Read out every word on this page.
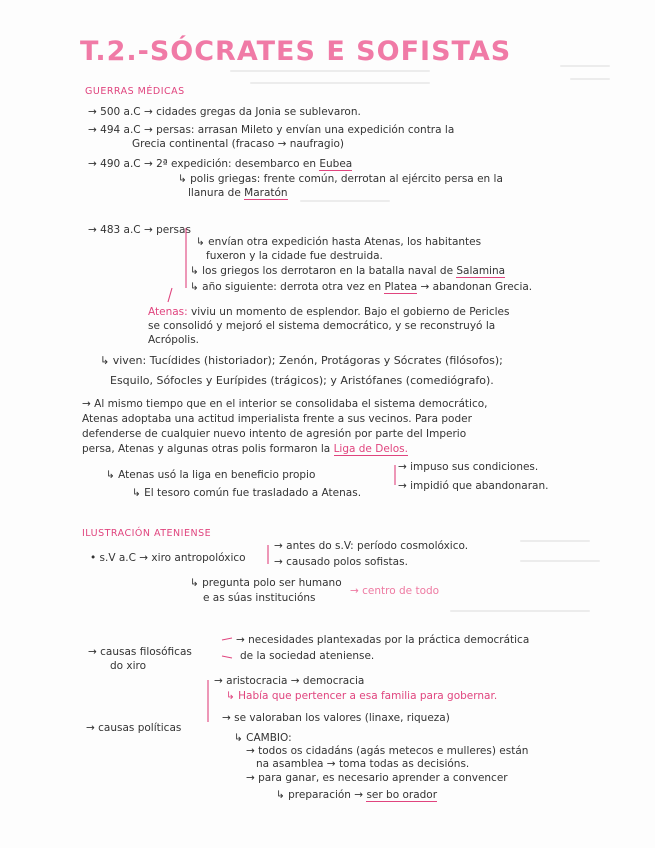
T.2.-SÓCRATES E SOFISTAS
GUERRAS MÉDICAS
→ 500 a.C → cidades gregas da Jonia se sublevaron.
→ 494 a.C → persas: arrasan Mileto y envían una expedición contra la
Grecia continental (fracaso → naufragio)
→ 490 a.C → 2ª expedición: desembarco en Eubea
↳ polis griegas: frente común, derrotan al ejército persa en la
llanura de Maratón
→ 483 a.C → persas
↳ envían otra expedición hasta Atenas, los habitantes
fuxeron y la cidade fue destruida.
↳ los griegos los derrotaron en la batalla naval de Salamina
↳ año siguiente: derrota otra vez en Platea → abandonan Grecia.
Atenas: viviu un momento de esplendor. Bajo el gobierno de Pericles
se consolidó y mejoró el sistema democrático, y se reconstruyó la
Acrópolis.
↳ viven: Tucídides (historiador); Zenón, Protágoras y Sócrates (filósofos);
Esquilo, Sófocles y Eurípides (trágicos); y Aristófanes (comediógrafo).
→ Al mismo tiempo que en el interior se consolidaba el sistema democrático,
Atenas adoptaba una actitud imperialista frente a sus vecinos. Para poder
defenderse de cualquier nuevo intento de agresión por parte del Imperio
persa, Atenas y algunas otras polis formaron la Liga de Delos.
↳ Atenas usó la liga en beneficio propio
→ impuso sus condiciones.
→ impidió que abandonaran.
↳ El tesoro común fue trasladado a Atenas.
ILUSTRACIÓN ATENIENSE
• s.V a.C → xiro antropolóxico
→ antes do s.V: período cosmolóxico.
→ causado polos sofistas.
↳ pregunta polo ser humano
e as súas institucións
→ centro de todo
→ causas filosóficas
do xiro
→ necesidades plantexadas por la práctica democrática
de la sociedad ateniense.
→ aristocracia → democracia
↳ Había que pertencer a esa familia para gobernar.
→ causas políticas
→ se valoraban los valores (linaxe, riqueza)
↳ CAMBIO:
→ todos os cidadáns (agás metecos e mulleres) están
na asamblea → toma todas as decisións.
→ para ganar, es necesario aprender a convencer
↳ preparación → ser bo orador
